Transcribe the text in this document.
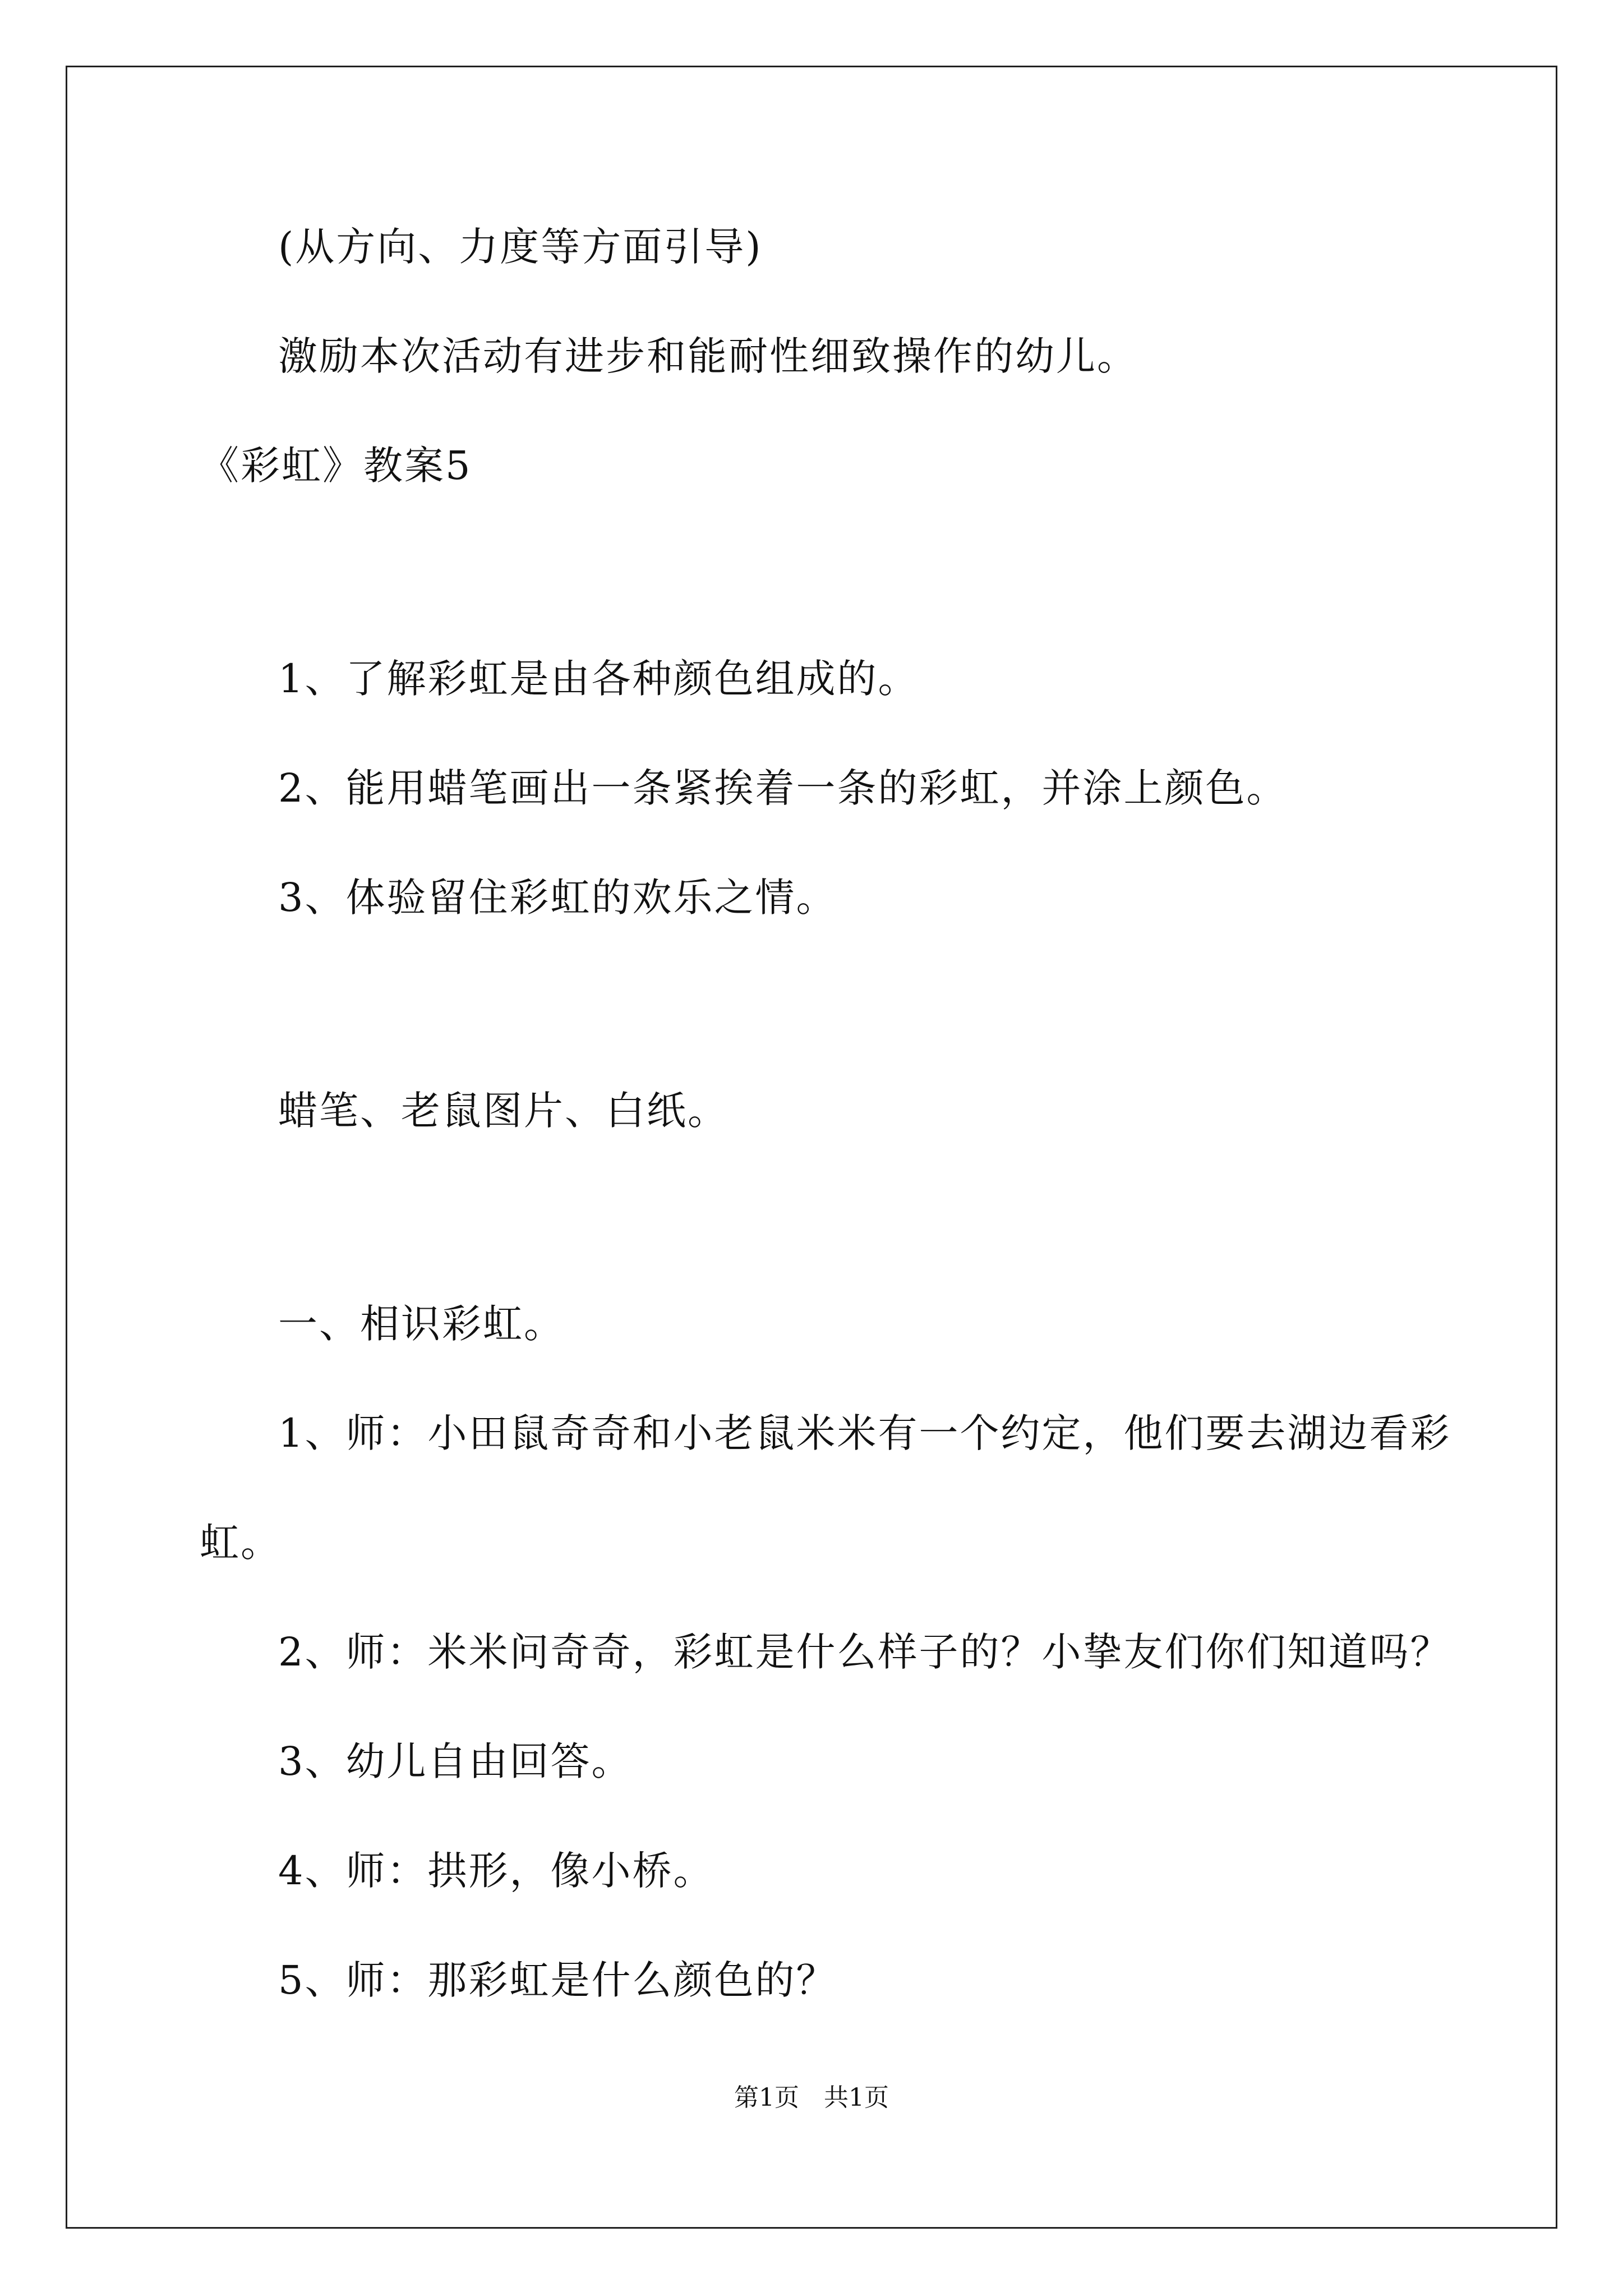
(从方向、力度等方面引导)
激励本次活动有进步和能耐性细致操作的幼儿。
《彩虹》教案5
1、了解彩虹是由各种颜色组成的。
2、能用蜡笔画出一条紧挨着一条的彩虹，并涂上颜色。
3、体验留住彩虹的欢乐之情。
蜡笔、老鼠图片、白纸。
一、相识彩虹。
1、师：小田鼠奇奇和小老鼠米米有一个约定，他们要去湖边看彩
虹。
2、师：米米问奇奇，彩虹是什么样子的？小挚友们你们知道吗？
3、幼儿自由回答。
4、师：拱形，像小桥。
5、师：那彩虹是什么颜色的？
第1页　共1页
